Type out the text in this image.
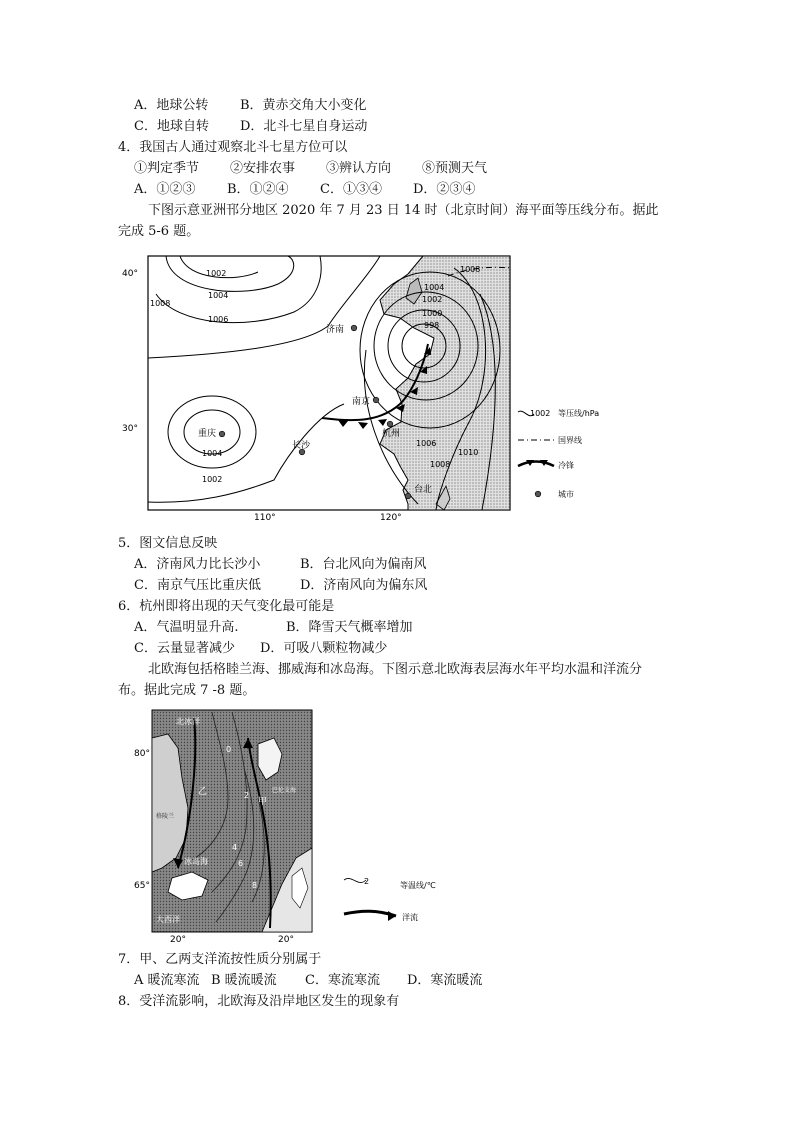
A．地球公转 B．黄赤交角大小变化
C．地球自转 D．北斗七星自身运动
4．我国古人通过观察北斗七星方位可以
①判定季节 ②安排农事 ③辨认方向 ⑧预测天气
A．①②③ B．①②④ C．①③④ D．②③④
下图示意亚洲邗分地区 2020 年 7 月 23 日 14 时（北京时间）海平面等压线分布。据此
完成 5-6 题。
40°
30°
110°	120°
1002
1004
1006
1008
1004
1002
1000
998
1008
1002
1004
1006
1008
1010
济南
南京
重庆
长沙
杭州
台北
1002 等压线/hPa
国界线
冷锋
城市
5．图文信息反映
A．济南风力比长沙小	B．台北风向为偏南风
C．南京气压比重庆低	D．济南风向为偏东风
6．杭州即将出现的天气变化最可能是
A．气温明显升高.	B．降雪天气概率增加
C．云量显著减少 D．可吸八颗粒物减少
北欧海包括格睦兰海、挪威海和冰岛海。下图示意北欧海表层海水年平均水温和洋流分
布。据此完成 7 -8 题。
北冰洋
乙
甲
冰岛海
大西洋
巴伦支海
格陵兰
0
2
4
6
8
80°
65°
20°	20°
2	等温线/℃
洋流
7．甲、乙两支洋流按性质分别属于
A 暖流寒流 B 暖流暖流 C．寒流寒流 D．寒流暖流
8．受洋流影响，北欧海及沿岸地区发生的现象有
